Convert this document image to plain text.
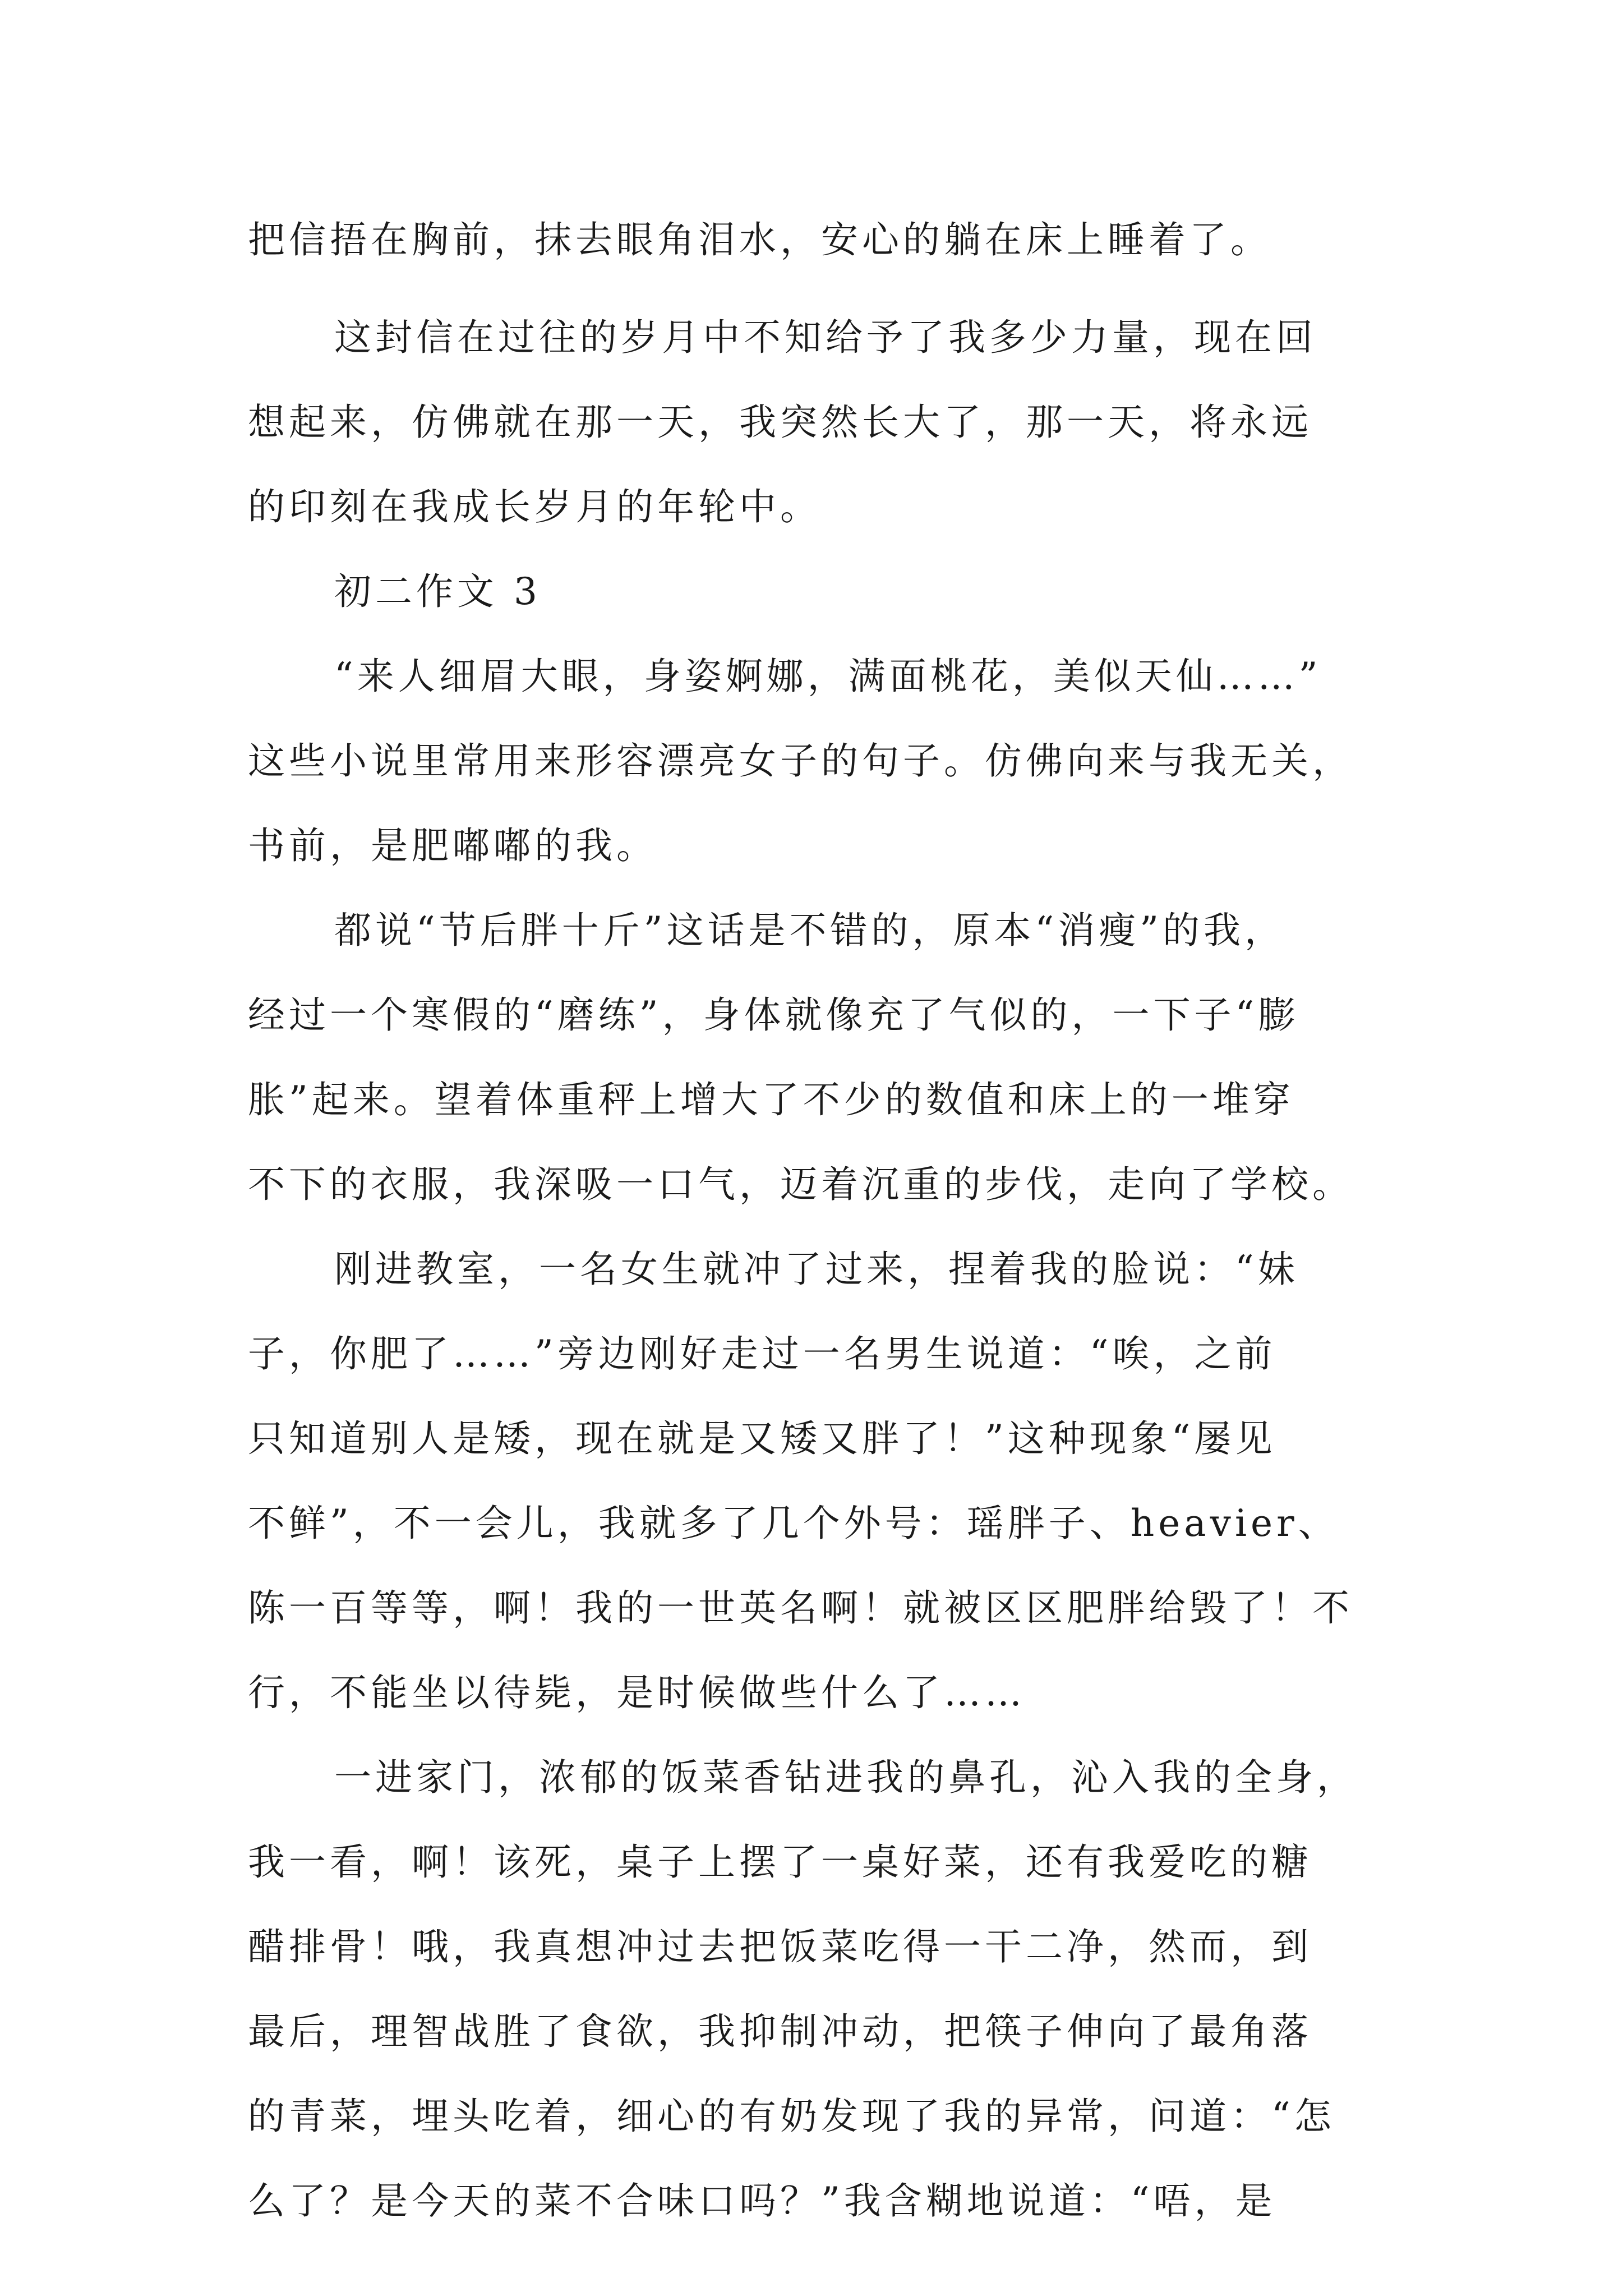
把信捂在胸前，抹去眼角泪水，安心的躺在床上睡着了。
这封信在过往的岁月中不知给予了我多少力量，现在回
想起来，仿佛就在那一天，我突然长大了，那一天，将永远
的印刻在我成长岁月的年轮中。
初二作文 3
“来人细眉大眼，身姿婀娜，满面桃花，美似天仙……”
这些小说里常用来形容漂亮女子的句子。仿佛向来与我无关，
书前，是肥嘟嘟的我。
都说“节后胖十斤”这话是不错的，原本“消瘦”的我，
经过一个寒假的“磨练”，身体就像充了气似的，一下子“膨
胀”起来。望着体重秤上增大了不少的数值和床上的一堆穿
不下的衣服，我深吸一口气，迈着沉重的步伐，走向了学校。
刚进教室，一名女生就冲了过来，捏着我的脸说：“妹
子，你肥了……”旁边刚好走过一名男生说道：“唉，之前
只知道别人是矮，现在就是又矮又胖了！”这种现象“屡见
不鲜”，不一会儿，我就多了几个外号：瑶胖子、heavier、
陈一百等等，啊！我的一世英名啊！就被区区肥胖给毁了！不
行，不能坐以待毙，是时候做些什么了……
一进家门，浓郁的饭菜香钻进我的鼻孔，沁入我的全身，
我一看，啊！该死，桌子上摆了一桌好菜，还有我爱吃的糖
醋排骨！哦，我真想冲过去把饭菜吃得一干二净，然而，到
最后，理智战胜了食欲，我抑制冲动，把筷子伸向了最角落
的青菜，埋头吃着，细心的有奶发现了我的异常，问道：“怎
么了？是今天的菜不合味口吗？”我含糊地说道：“唔，是
